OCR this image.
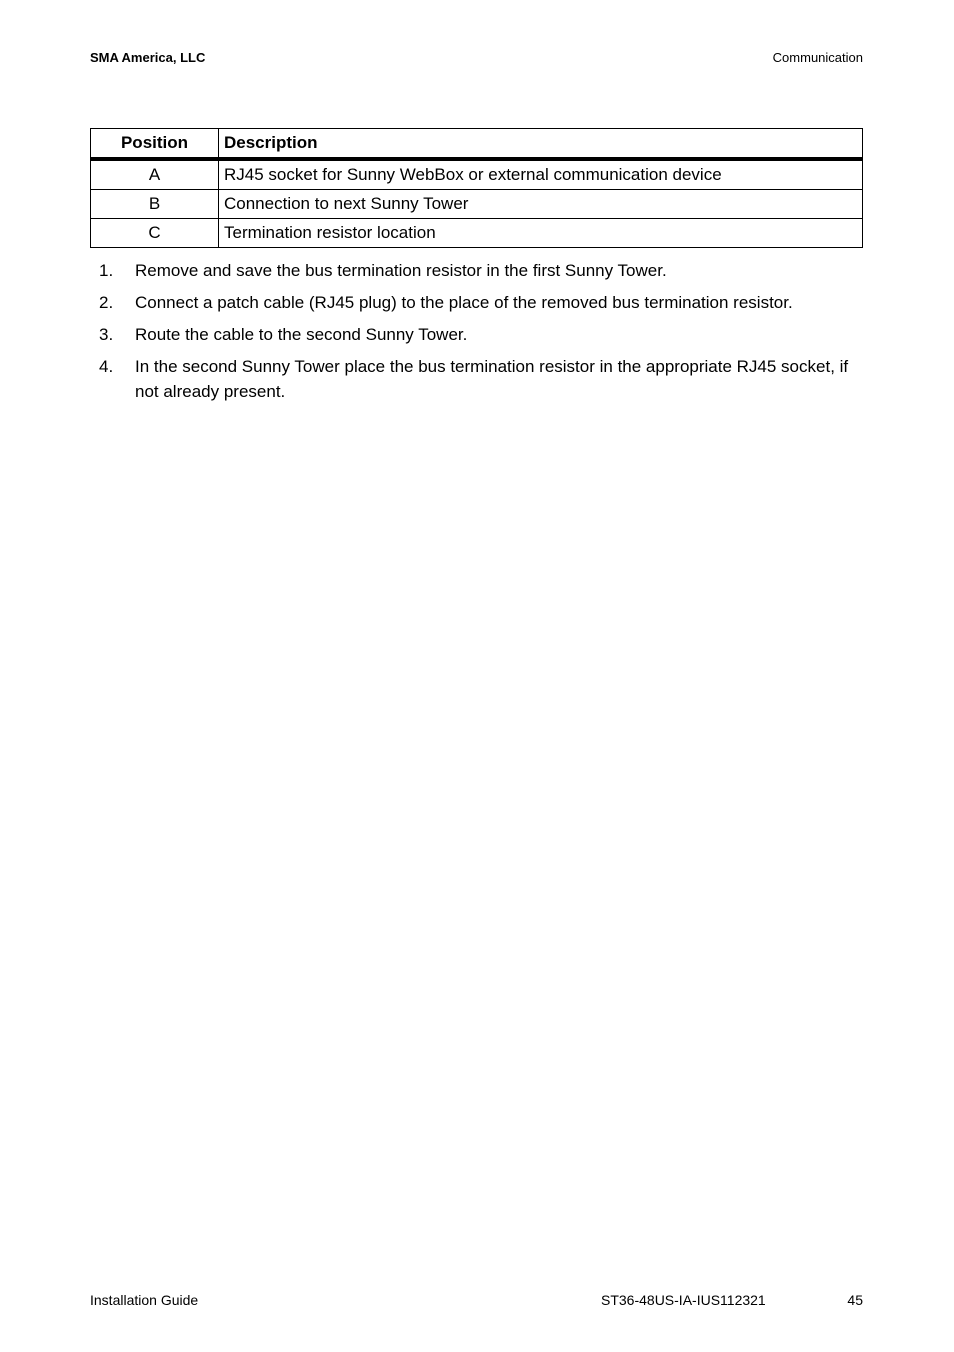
SMA America, LLC	Communication
Position	Description
A	RJ45 socket for Sunny WebBox or external communication device
B	Connection to next Sunny Tower
C	Termination resistor location
1.	Remove and save the bus termination resistor in the first Sunny Tower.
2.	Connect a patch cable (RJ45 plug) to the place of the removed bus termination resistor.
3.	Route the cable to the second Sunny Tower.
4.	In the second Sunny Tower place the bus termination resistor in the appropriate RJ45 socket, if not already present.
Installation Guide	ST36-48US-IA-IUS112321	45
